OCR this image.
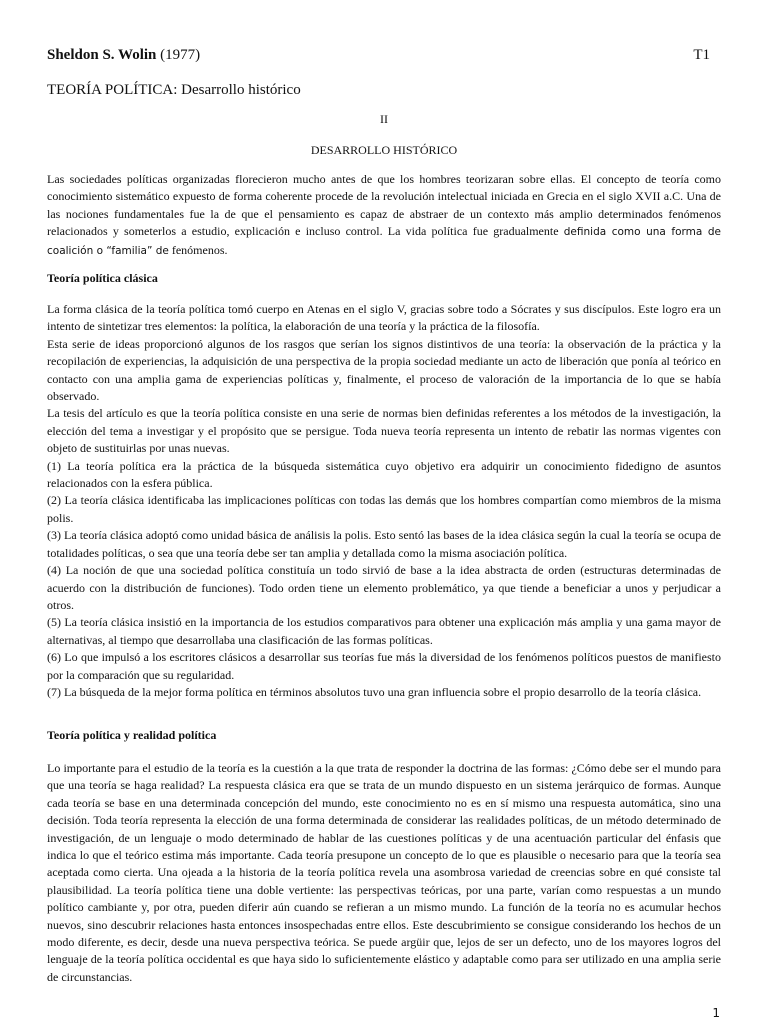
Sheldon S. Wolin (1977)	T1
TEORÍA POLÍTICA: Desarrollo histórico
II
DESARROLLO HISTÓRICO

Las sociedades políticas organizadas florecieron mucho antes de que los hombres teorizaran sobre ellas. El concepto de teoría como conocimiento sistemático expuesto de forma coherente procede de la revolución intelectual iniciada en Grecia en el siglo XVII a.C. Una de las nociones fundamentales fue la de que el pensamiento es capaz de abstraer de un contexto más amplio determinados fenómenos relacionados y someterlos a estudio, explicación e incluso control. La vida política fue gradualmente definida como una forma de coalición o “familia” de fenómenos.

Teoría política clásica

La forma clásica de la teoría política tomó cuerpo en Atenas en el siglo V, gracias sobre todo a Sócrates y sus discípulos. Este logro era un intento de sintetizar tres elementos: la política, la elaboración de una teoría y la práctica de la filosofía.

Esta serie de ideas proporcionó algunos de los rasgos que serían los signos distintivos de una teoría: la observación de la práctica y la recopilación de experiencias, la adquisición de una perspectiva de la propia sociedad mediante un acto de liberación que ponía al teórico en contacto con una amplia gama de experiencias políticas y, finalmente, el proceso de valoración de la importancia de lo que se había observado.

La tesis del artículo es que la teoría política consiste en una serie de normas bien definidas referentes a los métodos de la investigación, la elección del tema a investigar y el propósito que se persigue. Toda nueva teoría representa un intento de rebatir las normas vigentes con objeto de sustituirlas por unas nuevas.

(1) La teoría política era la práctica de la búsqueda sistemática cuyo objetivo era adquirir un conocimiento fidedigno de asuntos relacionados con la esfera pública.

(2) La teoría clásica identificaba las implicaciones políticas con todas las demás que los hombres compartían como miembros de la misma polis.

(3) La teoría clásica adoptó como unidad básica de análisis la polis. Esto sentó las bases de la idea clásica según la cual la teoría se ocupa de totalidades políticas, o sea que una teoría debe ser tan amplia y detallada como la misma asociación política.

(4) La noción de que una sociedad política constituía un todo sirvió de base a la idea abstracta de orden (estructuras determinadas de acuerdo con la distribución de funciones). Todo orden tiene un elemento problemático, ya que tiende a beneficiar a unos y perjudicar a otros.

(5) La teoría clásica insistió en la importancia de los estudios comparativos para obtener una explicación más amplia y una gama mayor de alternativas, al tiempo que desarrollaba una clasificación de las formas políticas.

(6) Lo que impulsó a los escritores clásicos a desarrollar sus teorías fue más la diversidad de los fenómenos políticos puestos de manifiesto por la comparación que su regularidad.

(7) La búsqueda de la mejor forma política en términos absolutos tuvo una gran influencia sobre el propio desarrollo de la teoría clásica.

Teoría política y realidad política

Lo importante para el estudio de la teoría es la cuestión a la que trata de responder la doctrina de las formas: ¿Cómo debe ser el mundo para que una teoría se haga realidad? La respuesta clásica era que se trata de un mundo dispuesto en un sistema jerárquico de formas. Aunque cada teoría se base en una determinada concepción del mundo, este conocimiento no es en sí mismo una respuesta automática, sino una decisión. Toda teoría representa la elección de una forma determinada de considerar las realidades políticas, de un método determinado de investigación, de un lenguaje o modo determinado de hablar de las cuestiones políticas y de una acentuación particular del énfasis que indica lo que el teórico estima más importante. Cada teoría presupone un concepto de lo que es plausible o necesario para que la teoría sea aceptada como cierta. Una ojeada a la historia de la teoría política revela una asombrosa variedad de creencias sobre en qué consiste tal plausibilidad. La teoría política tiene una doble vertiente: las perspectivas teóricas, por una parte, varían como respuestas a un mundo político cambiante y, por otra, pueden diferir aún cuando se refieran a un mismo mundo. La función de la teoría no es acumular hechos nuevos, sino descubrir relaciones hasta entonces insospechadas entre ellos. Este descubrimiento se consigue considerando los hechos de un modo diferente, es decir, desde una nueva perspectiva teórica. Se puede argüir que, lejos de ser un defecto, uno de los mayores logros del lenguaje de la teoría política occidental es que haya sido lo suficientemente elástico y adaptable como para ser utilizado en una amplia serie de circunstancias.

1
